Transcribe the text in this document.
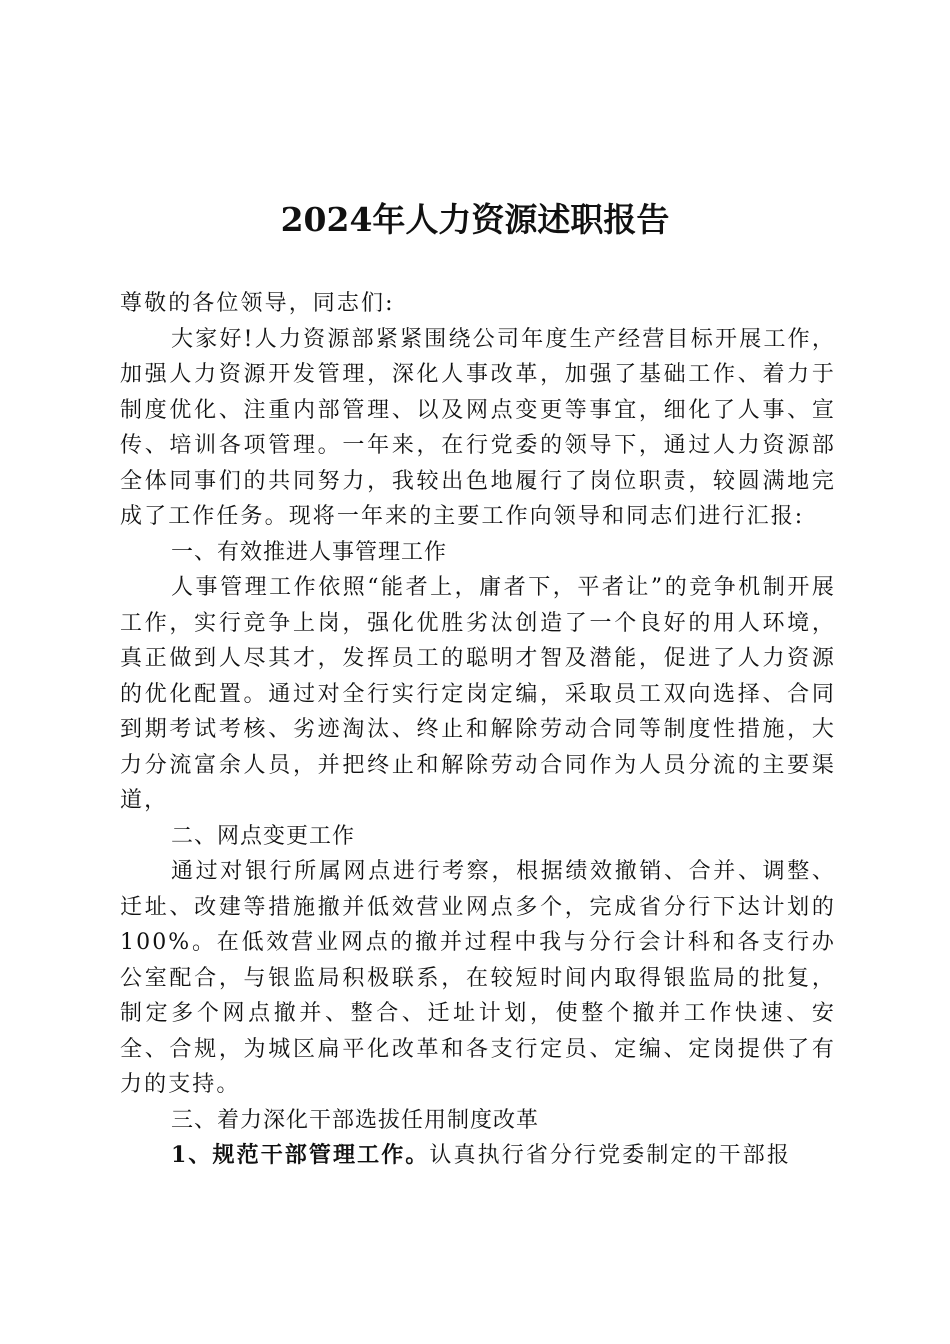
2024年人力资源述职报告

尊敬的各位领导，同志们:

大家好!人力资源部紧紧围绕公司年度生产经营目标开展工作，加强人力资源开发管理，深化人事改革，加强了基础工作、着力于制度优化、注重内部管理、以及网点变更等事宜，细化了人事、宣传、培训各项管理。一年来，在行党委的领导下，通过人力资源部全体同事们的共同努力，我较出色地履行了岗位职责，较圆满地完成了工作任务。现将一年来的主要工作向领导和同志们进行汇报:

一、有效推进人事管理工作

人事管理工作依照“能者上，庸者下，平者让”的竞争机制开展工作，实行竞争上岗，强化优胜劣汰创造了一个良好的用人环境，真正做到人尽其才，发挥员工的聪明才智及潜能，促进了人力资源的优化配置。通过对全行实行定岗定编，采取员工双向选择、合同到期考试考核、劣迹淘汰、终止和解除劳动合同等制度性措施，大力分流富余人员，并把终止和解除劳动合同作为人员分流的主要渠道，

二、网点变更工作

通过对银行所属网点进行考察，根据绩效撤销、合并、调整、迁址、改建等措施撤并低效营业网点多个，完成省分行下达计划的100%。在低效营业网点的撤并过程中我与分行会计科和各支行办公室配合，与银监局积极联系，在较短时间内取得银监局的批复，制定多个网点撤并、整合、迁址计划，使整个撤并工作快速、安全、合规，为城区扁平化改革和各支行定员、定编、定岗提供了有力的支持。

三、着力深化干部选拔任用制度改革

1、规范干部管理工作。认真执行省分行党委制定的干部报
